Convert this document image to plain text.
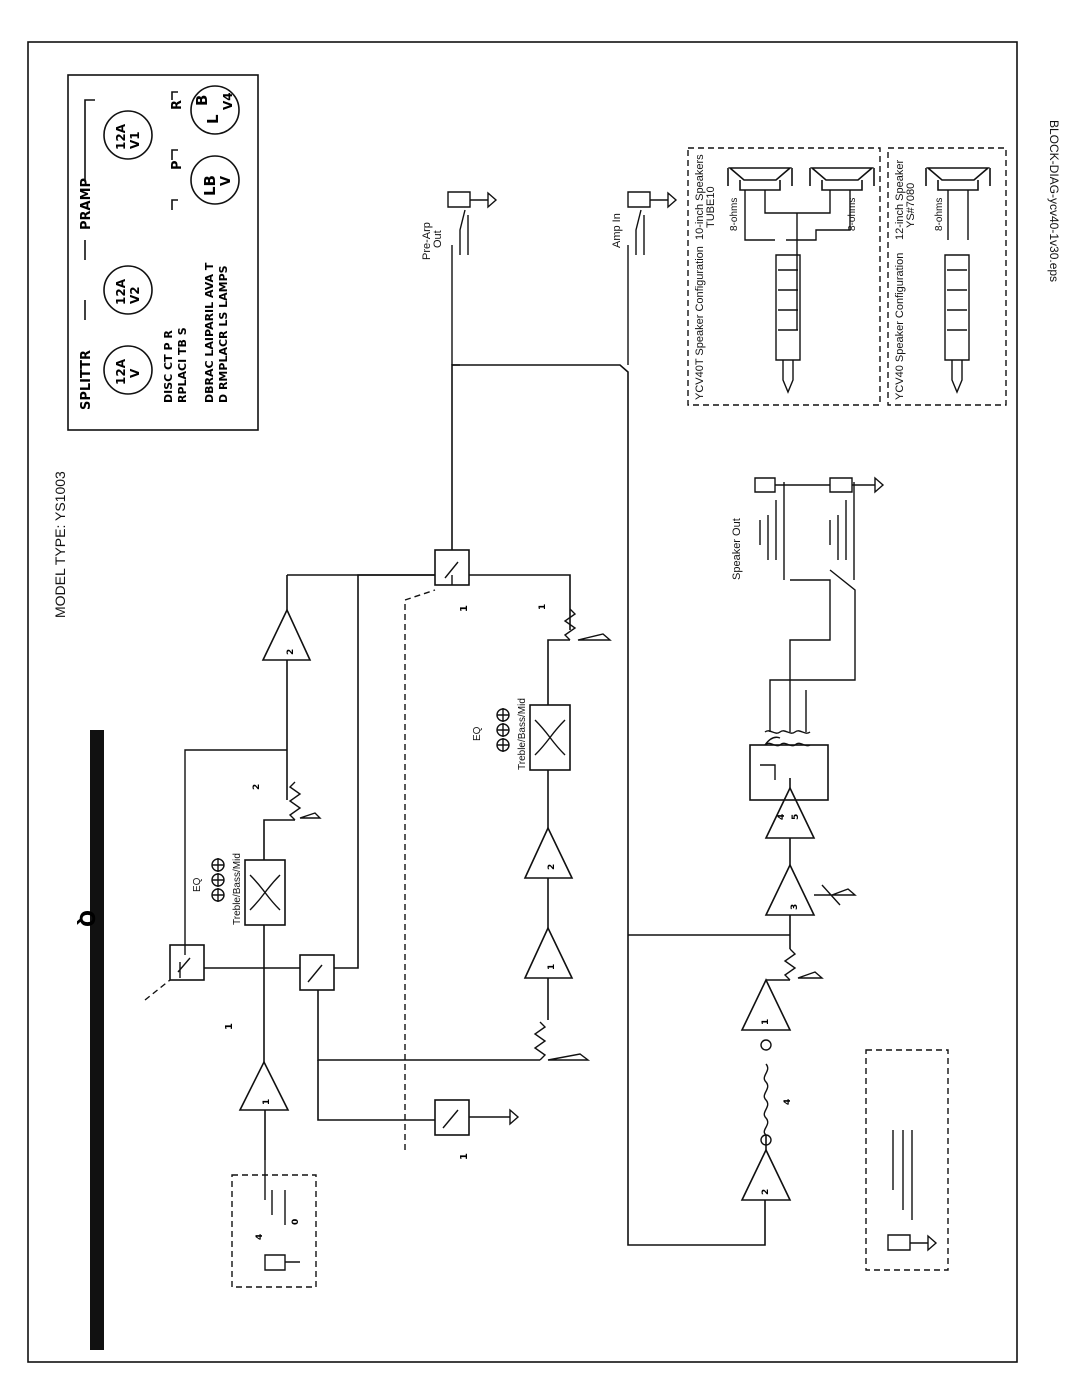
BLOCK-DIAG-ycv40-1v30.eps
Q
MODEL TYPE: YS1003
SPLITTR
PRAMP
12A V
12A V2
12A V1
P
R
LB V
L
B V4
DISC CT P R RPLACI TB S DBRAC LAIPARIL AVA T D RMPLACR LS LAMPS	YCV40T Speaker Configuration
10-inch Speakers TUBE10 8-ohms	8-ohms
YCV40 Speaker Configuration
12-inch Speaker YS#7080 8-ohms
4
0
EQ	Treble/Bass/Mid
2
2
1
1
1	1
1
1
2
EQ	Treble/Bass/Mid
Pre-Arp Out	Amp In
2
4
1
3
4 5
Speaker Out
